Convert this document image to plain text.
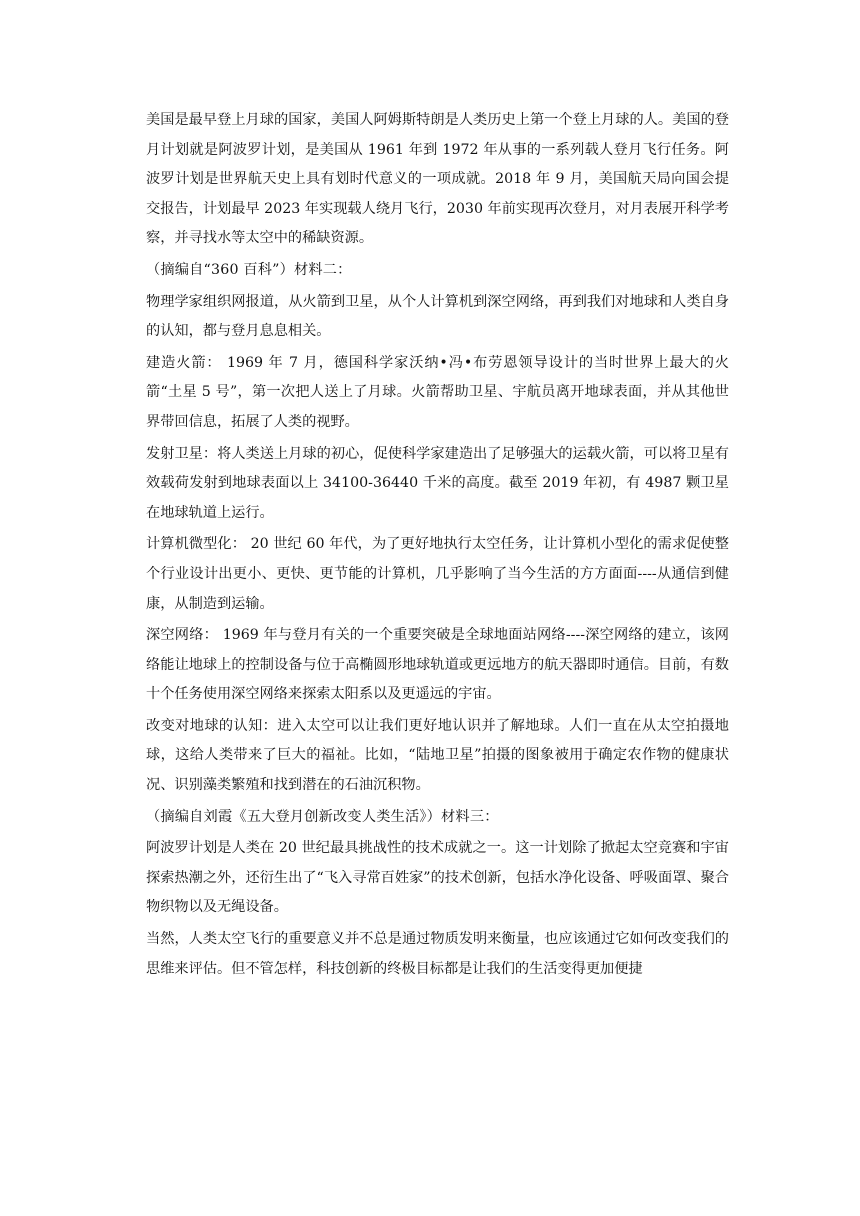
美国是最早登上月球的国家，美国人阿姆斯特朗是人类历史上第一个登上月球的人。美国的登月计划就是阿波罗计划，是美国从 1961 年到 1972 年从事的一系列载人登月飞行任务。阿波罗计划是世界航天史上具有划时代意义的一项成就。2018 年 9 月，美国航天局向国会提交报告，计划最早 2023 年实现载人绕月飞行，2030 年前实现再次登月，对月表展开科学考察，并寻找水等太空中的稀缺资源。

（摘编自“360 百科”）材料二：

物理学家组织网报道，从火箭到卫星，从个人计算机到深空网络，再到我们对地球和人类自身的认知，都与登月息息相关。

建造火箭： 1969 年 7 月，德国科学家沃纳•冯•布劳恩领导设计的当时世界上最大的火箭“土星 5 号”，第一次把人送上了月球。火箭帮助卫星、宇航员离开地球表面，并从其他世界带回信息，拓展了人类的视野。

发射卫星：将人类送上月球的初心，促使科学家建造出了足够强大的运载火箭，可以将卫星有效载荷发射到地球表面以上 34100-36440 千米的高度。截至 2019 年初，有 4987 颗卫星在地球轨道上运行。

计算机微型化： 20 世纪 60 年代，为了更好地执行太空任务，让计算机小型化的需求促使整个行业设计出更小、更快、更节能的计算机，几乎影响了当今生活的方方面面----从通信到健康，从制造到运输。

深空网络： 1969 年与登月有关的一个重要突破是全球地面站网络----深空网络的建立，该网络能让地球上的控制设备与位于高椭圆形地球轨道或更远地方的航天器即时通信。目前，有数十个任务使用深空网络来探索太阳系以及更遥远的宇宙。

改变对地球的认知：进入太空可以让我们更好地认识并了解地球。人们一直在从太空拍摄地球，这给人类带来了巨大的福祉。比如，“陆地卫星”拍摄的图象被用于确定农作物的健康状况、识别藻类繁殖和找到潜在的石油沉积物。

（摘编自刘霞《五大登月创新改变人类生活》）材料三：

阿波罗计划是人类在 20 世纪最具挑战性的技术成就之一。这一计划除了掀起太空竞赛和宇宙探索热潮之外，还衍生出了“飞入寻常百姓家”的技术创新，包括水净化设备、呼吸面罩、聚合物织物以及无绳设备。

当然，人类太空飞行的重要意义并不总是通过物质发明来衡量，也应该通过它如何改变我们的思维来评估。但不管怎样，科技创新的终极目标都是让我们的生活变得更加便捷
